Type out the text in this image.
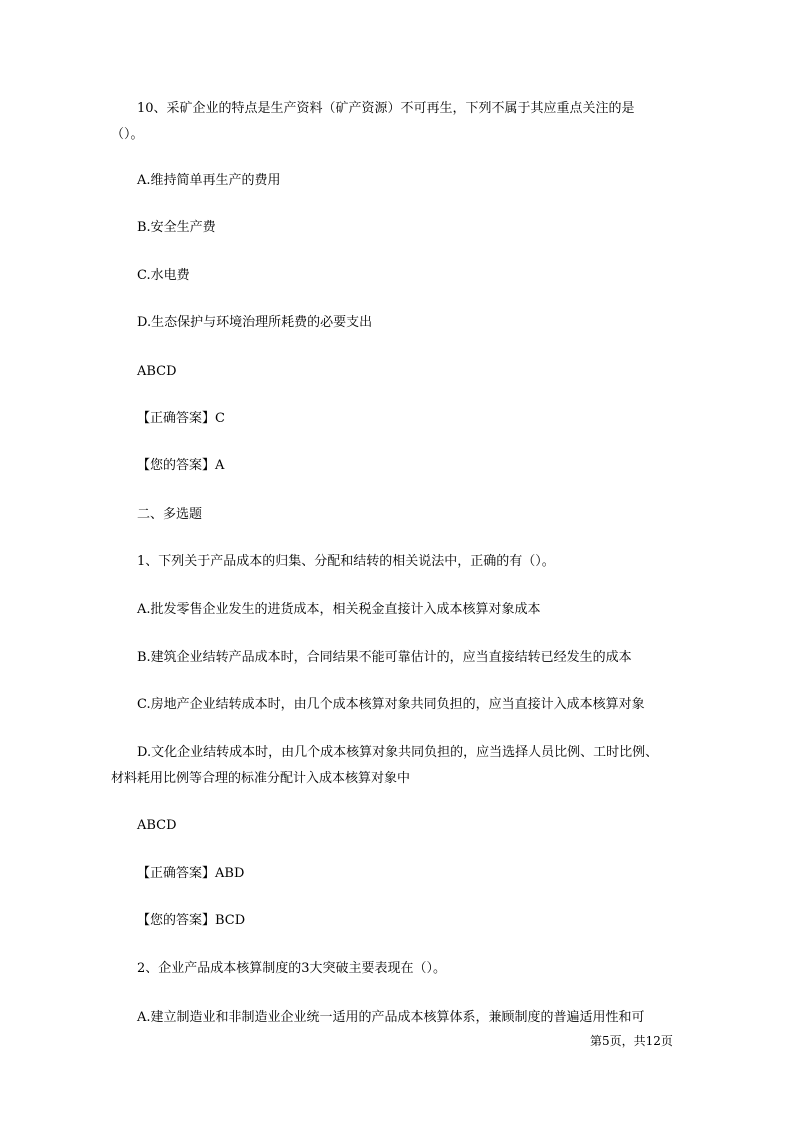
10、采矿企业的特点是生产资料（矿产资源）不可再生，下列不属于其应重点关注的是
（）。
A.维持简单再生产的费用
B.安全生产费
C.水电费
D.生态保护与环境治理所耗费的必要支出
ABCD
【正确答案】C
【您的答案】A
二、多选题
1、下列关于产品成本的归集、分配和结转的相关说法中，正确的有（）。
A.批发零售企业发生的进货成本，相关税金直接计入成本核算对象成本
B.建筑企业结转产品成本时，合同结果不能可靠估计的，应当直接结转已经发生的成本
C.房地产企业结转成本时，由几个成本核算对象共同负担的，应当直接计入成本核算对象
D.文化企业结转成本时，由几个成本核算对象共同负担的，应当选择人员比例、工时比例、
材料耗用比例等合理的标准分配计入成本核算对象中
ABCD
【正确答案】ABD
【您的答案】BCD
2、企业产品成本核算制度的3大突破主要表现在（）。
A.建立制造业和非制造业企业统一适用的产品成本核算体系，兼顾制度的普遍适用性和可
第5页，共12页
